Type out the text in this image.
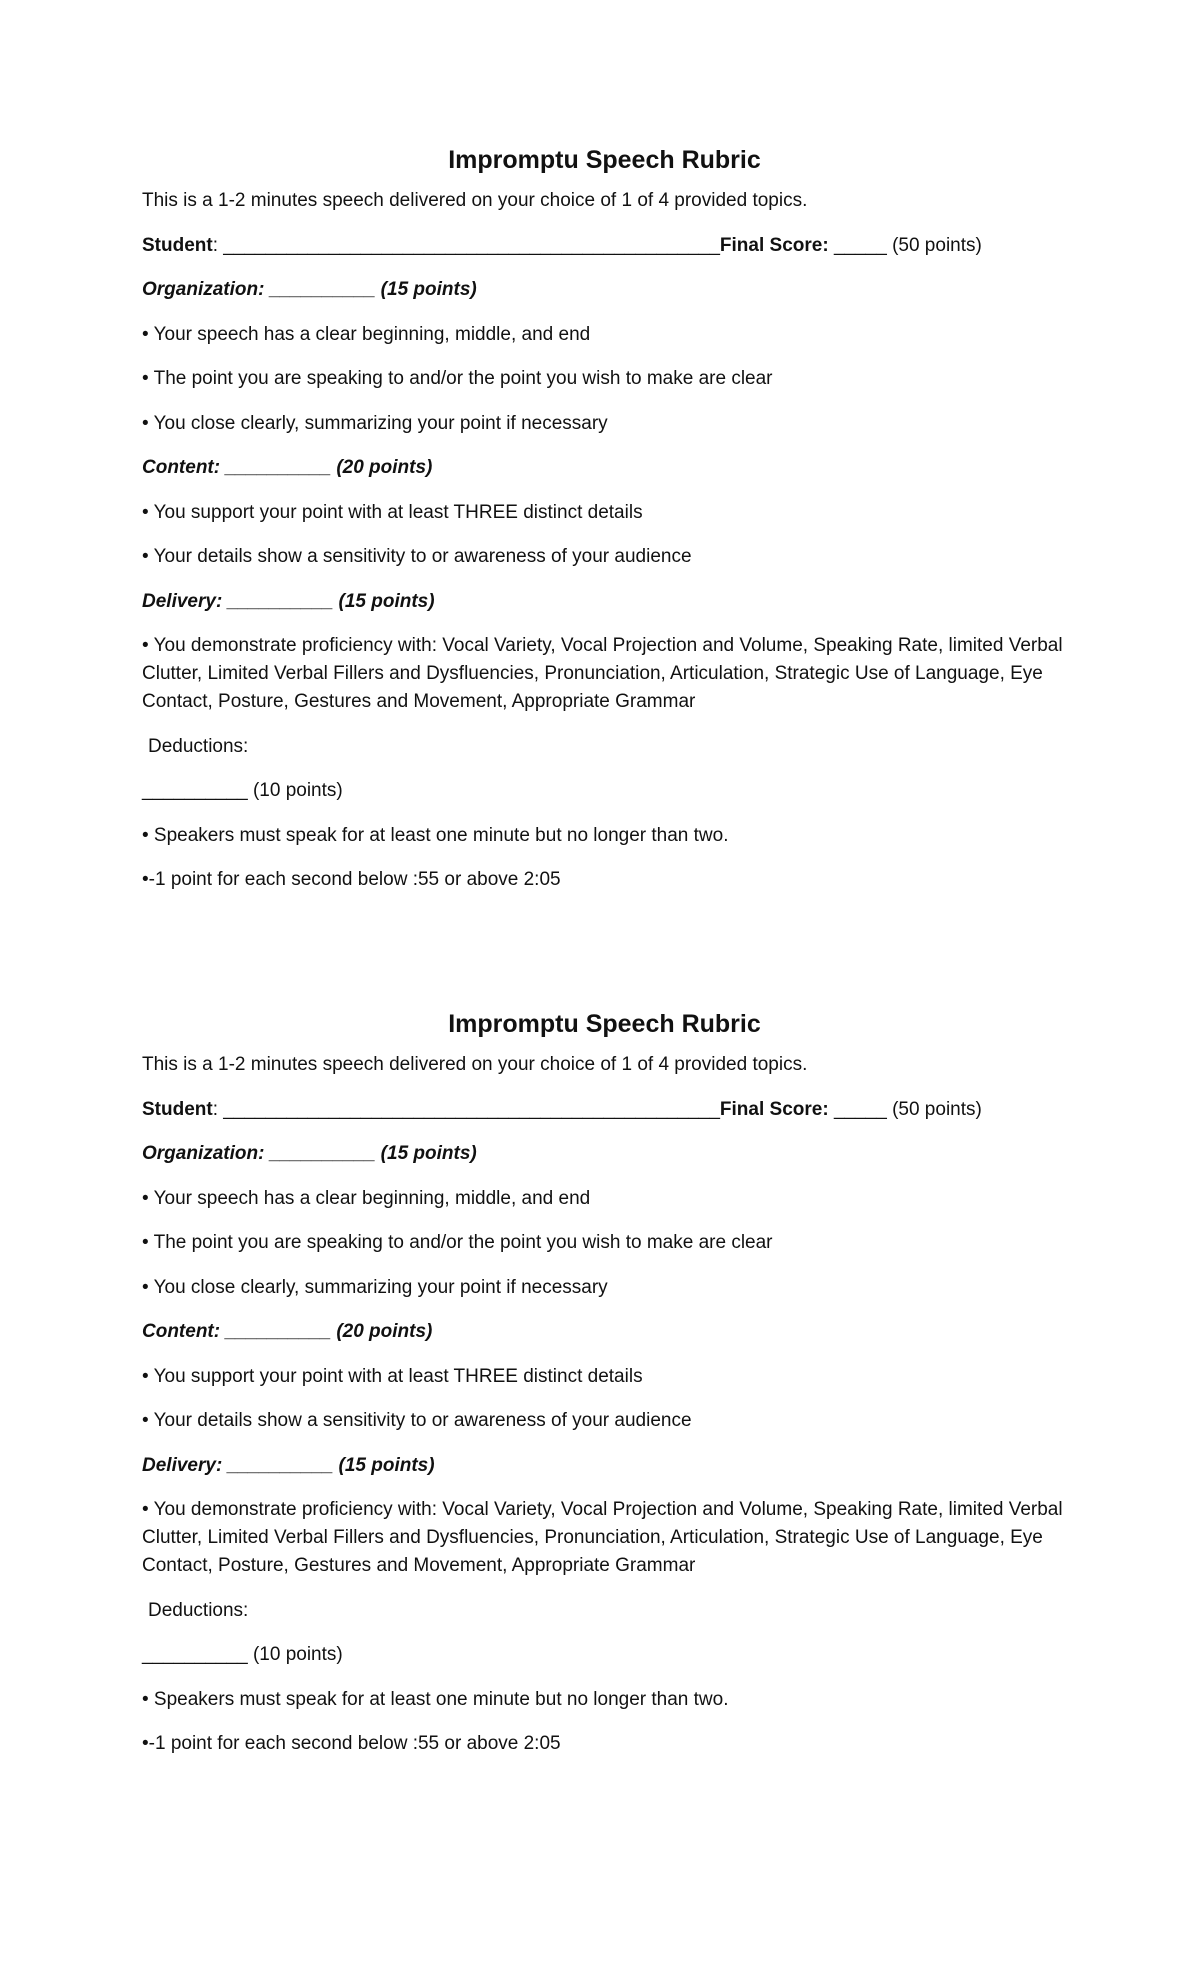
Impromptu Speech Rubric
This is a 1-2 minutes speech delivered on your choice of 1 of 4 provided topics.
Student: _______________________________________________Final Score: _____ (50 points)
Organization: __________ (15 points)
• Your speech has a clear beginning, middle, and end
• The point you are speaking to and/or the point you wish to make are clear
• You close clearly, summarizing your point if necessary
Content: __________ (20 points)
• You support your point with at least THREE distinct details
• Your details show a sensitivity to or awareness of your audience
Delivery: __________ (15 points)
• You demonstrate proficiency with: Vocal Variety, Vocal Projection and Volume, Speaking Rate, limited Verbal Clutter, Limited Verbal Fillers and Dysfluencies, Pronunciation, Articulation, Strategic Use of Language, Eye Contact, Posture, Gestures and Movement, Appropriate Grammar
Deductions:
__________ (10 points)
• Speakers must speak for at least one minute but no longer than two.
•-1 point for each second below :55 or above 2:05
Impromptu Speech Rubric
This is a 1-2 minutes speech delivered on your choice of 1 of 4 provided topics.
Student: _______________________________________________Final Score: _____ (50 points)
Organization: __________ (15 points)
• Your speech has a clear beginning, middle, and end
• The point you are speaking to and/or the point you wish to make are clear
• You close clearly, summarizing your point if necessary
Content: __________ (20 points)
• You support your point with at least THREE distinct details
• Your details show a sensitivity to or awareness of your audience
Delivery: __________ (15 points)
• You demonstrate proficiency with: Vocal Variety, Vocal Projection and Volume, Speaking Rate, limited Verbal Clutter, Limited Verbal Fillers and Dysfluencies, Pronunciation, Articulation, Strategic Use of Language, Eye Contact, Posture, Gestures and Movement, Appropriate Grammar
Deductions:
__________ (10 points)
• Speakers must speak for at least one minute but no longer than two.
•-1 point for each second below :55 or above 2:05
